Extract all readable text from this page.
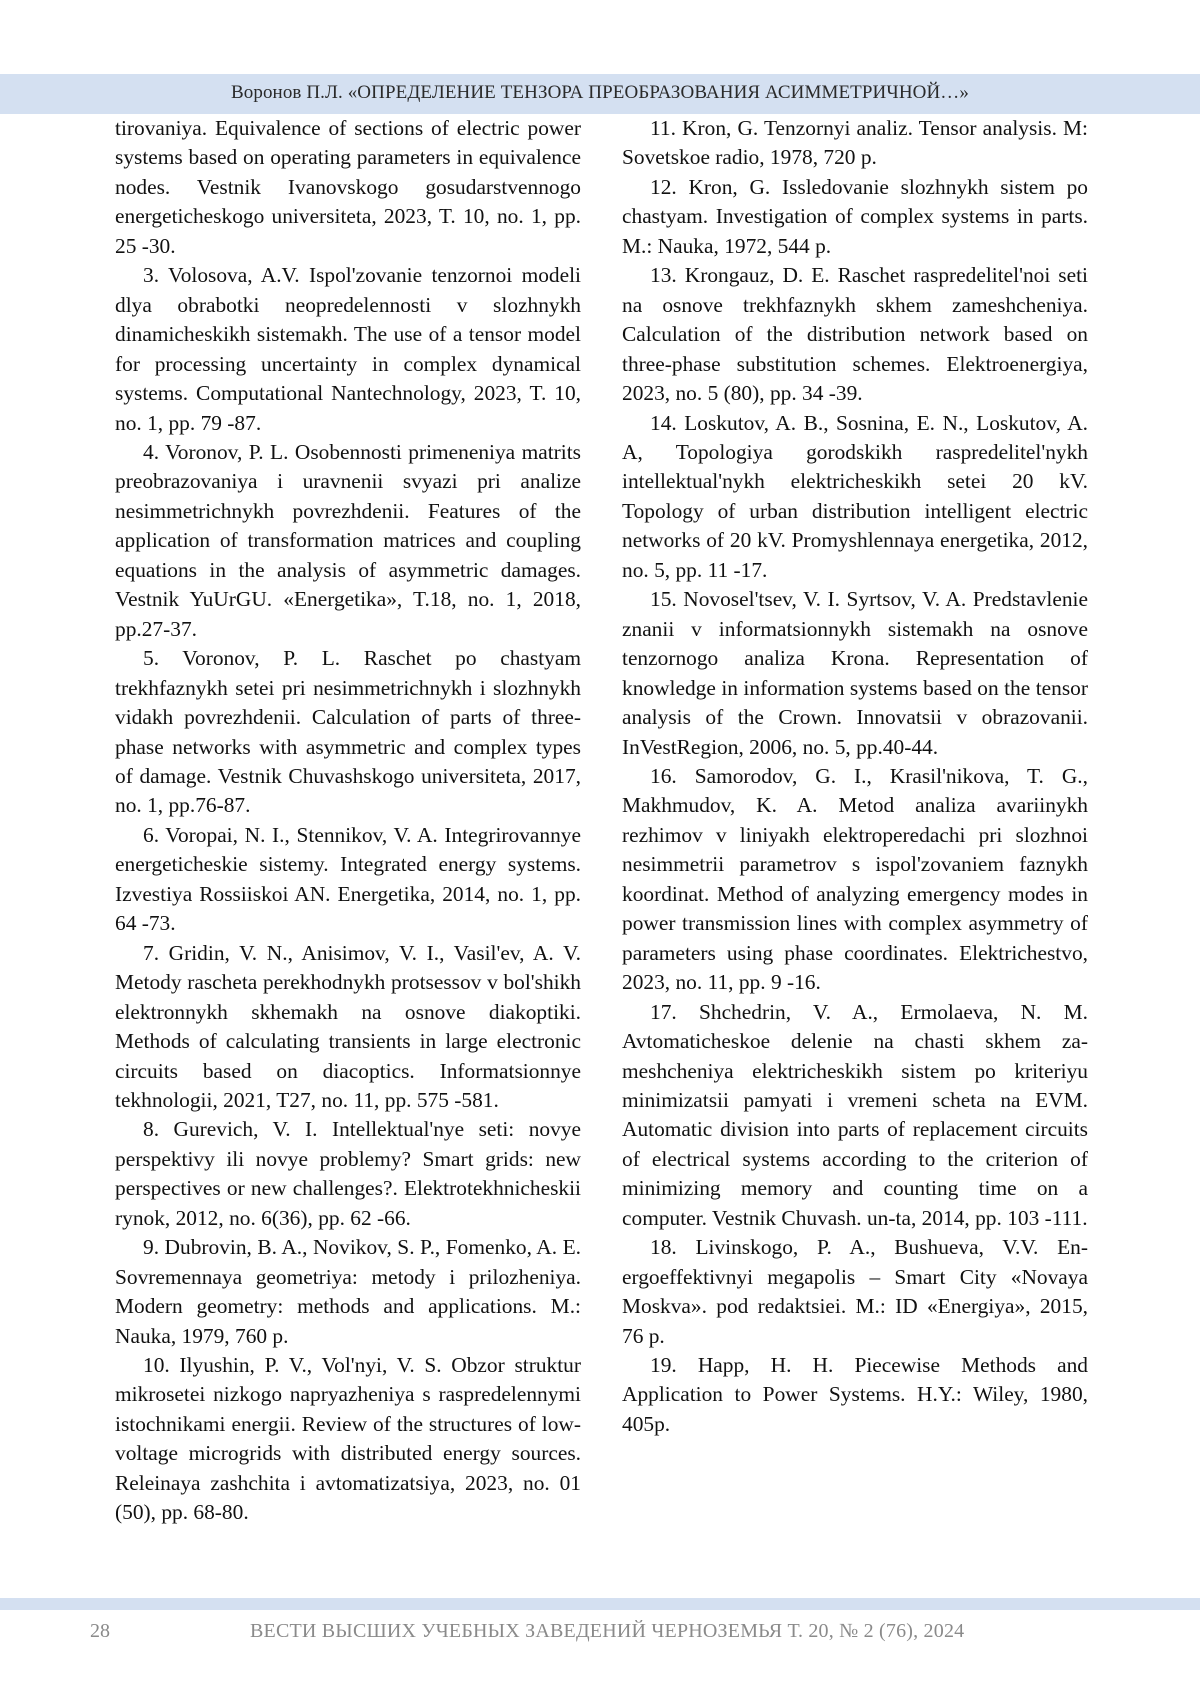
Воронов П.Л. «ОПРЕДЕЛЕНИЕ ТЕНЗОРА ПРЕОБРАЗОВАНИЯ АСИММЕТРИЧНОЙ…»

tirovaniya. Equivalence of sections of electric power systems based on operating parameters in equivalence nodes. Vestnik Ivanovskogo gosudarstvennogo energeticheskogo universiteta, 2023, T. 10, no. 1, pp. 25 -30.

3. Volosova, A.V. Ispol'zovanie tenzornoi modeli dlya obrabotki neopredelennosti v slozhnykh dinamicheskikh sistemakh. The use of a tensor model for processing uncertainty in complex dynamical systems. Computational Nantechnology, 2023, T. 10, no. 1, pp. 79 -87.

4. Voronov, P. L. Osobennosti primeneniya matrits preobrazovaniya i uravnenii svyazi pri analize nesimmetrichnykh povrezhdenii. Features of the application of transformation matrices and coupling equations in the analysis of asymmetric damages. Vestnik YuUrGU. «Energetika», T.18, no. 1, 2018, pp.27-37.

5. Voronov, P. L. Raschet po chastyam trekhfaznykh setei pri nesimmetrichnykh i slozhnykh vidakh povrezhdenii. Calculation of parts of three-phase networks with asymmetric and complex types of damage. Vestnik Chuvashskogo universiteta, 2017, no. 1, pp.76-87.

6. Voropai, N. I., Stennikov, V. A. Integrirovannye energeticheskie sistemy. Integrated energy systems. Izvestiya Rossiiskoi AN. Energetika, 2014, no. 1, pp. 64 -73.

7. Gridin, V. N., Anisimov, V. I., Vasil'ev, A. V. Metody rascheta perekhodnykh protsessov v bol'shikh elektronnykh skhemakh na osnove diakoptiki. Methods of calculating transients in large electronic circuits based on diacoptics. Informatsionnye tekhnologii, 2021, T27, no. 11, pp. 575 -581.

8. Gurevich, V. I. Intellektual'nye seti: novye perspektivy ili novye problemy? Smart grids: new perspectives or new challenges?. Elektrotekhnicheskii rynok, 2012, no. 6(36), pp. 62 -66.

9. Dubrovin, B. A., Novikov, S. P., Fomenko, A. E. Sovremennaya geometriya: metody i prilozheniya. Modern geometry: methods and applications. M.: Nauka, 1979, 760 p.

10. Ilyushin, P. V., Vol'nyi, V. S. Obzor struktur mikrosetei nizkogo napryazheniya s raspredelennymi istochnikami energii. Review of the structures of low-voltage microgrids with distributed energy sources. Releinaya zashchita i avtomatizatsiya, 2023, no. 01 (50), pp. 68-80.

11. Kron, G. Tenzornyi analiz. Tensor analysis. M: Sovetskoe radio, 1978, 720 p.

12. Kron, G. Issledovanie slozhnykh sistem po chastyam. Investigation of complex systems in parts. M.: Nauka, 1972, 544 p.

13. Krongauz, D. E. Raschet raspredelitel'noi seti na osnove trekhfaznykh skhem zameshcheniya. Calculation of the distribution network based on three-phase substitution schemes. Elektroenergiya, 2023, no. 5 (80), pp. 34 -39.

14. Loskutov, A. B., Sosnina, E. N., Loskutov, A. A, Topologiya gorodskikh raspredelitel'nykh intellektual'nykh elektricheskikh setei 20 kV. Topology of urban distribution intelligent electric networks of 20 kV. Promyshlennaya energetika, 2012, no. 5, pp. 11 -17.

15. Novosel'tsev, V. I. Syrtsov, V. A. Predstavlenie znanii v informatsionnykh sistemakh na osnove tenzornogo analiza Krona. Representation of knowledge in information systems based on the tensor analysis of the Crown. Innovatsii v obrazovanii. InVestRegion, 2006, no. 5, pp.40-44.

16. Samorodov, G. I., Krasil'nikova, T. G., Makhmudov, K. A. Metod analiza avariinykh rezhimov v liniyakh elektroperedachi pri slozhnoi nesimmetrii parametrov s ispol'zovaniem faznykh koordinat. Method of analyzing emergency modes in power transmission lines with complex asymmetry of parameters using phase coordinates. Elektrichestvo, 2023, no. 11, pp. 9 -16.

17. Shchedrin, V. A., Ermolaeva, N. M. Avtomaticheskoe delenie na chasti skhem zameshcheniya elektricheskikh sistem po kriteriyu minimizatsii pamyati i vremeni scheta na EVM. Automatic division into parts of replacement circuits of electrical systems according to the criterion of minimizing memory and counting time on a computer. Vestnik Chuvash. un-ta, 2014, pp. 103 -111.

18. Livinskogo, P. A., Bushueva, V.V. Energoeffektivnyi megapolis – Smart City «Novaya Moskva». pod redaktsiei. M.: ID «Energiya», 2015, 76 p.

19. Happ, H. H. Piecewise Methods and Application to Power Systems. H.Y.: Wiley, 1980, 405p.

28	ВЕСТИ ВЫСШИХ УЧЕБНЫХ ЗАВЕДЕНИЙ ЧЕРНОЗЕМЬЯ Т. 20, № 2 (76), 2024
